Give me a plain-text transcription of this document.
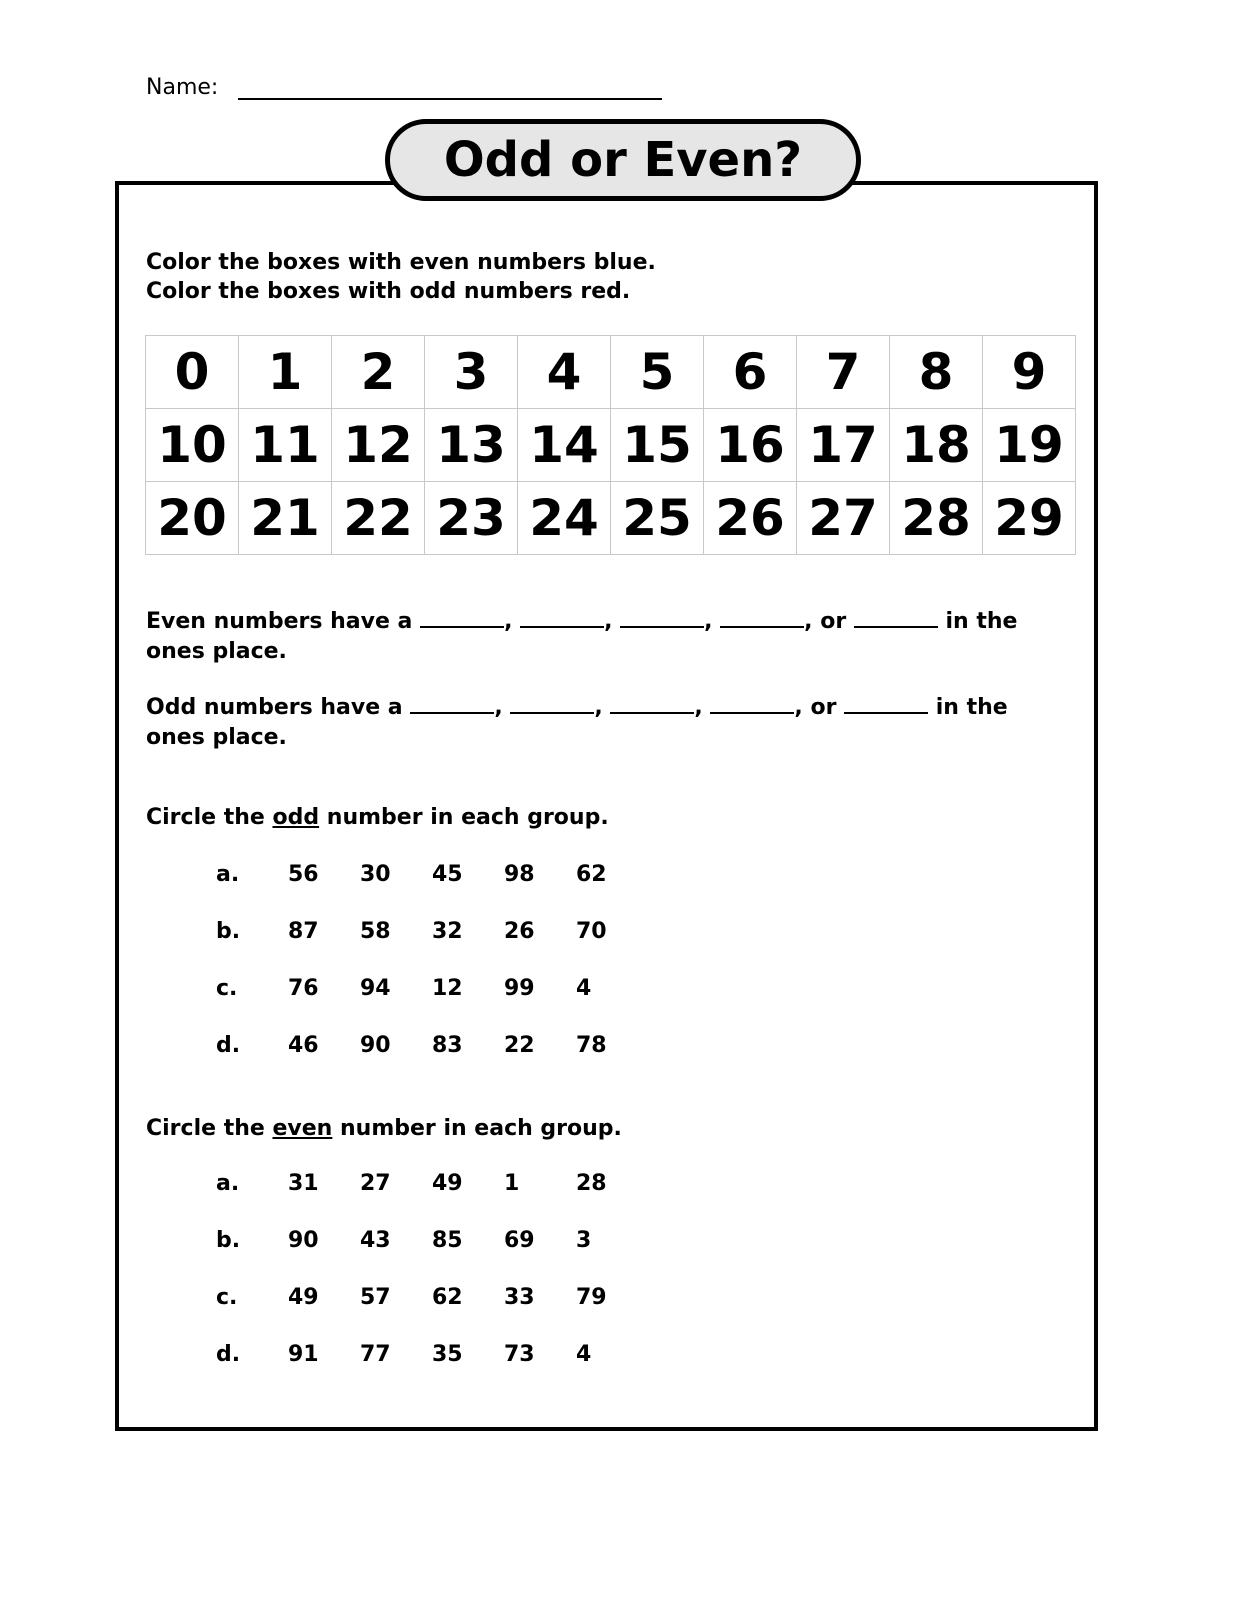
Name:
Odd or Even?
Color the boxes with even numbers blue.
Color the boxes with odd numbers red.
0	1	2	3	4	5	6	7	8	9
10	11	12	13	14	15	16	17	18	19
20	21	22	23	24	25	26	27	28	29
Even numbers have a	,	,	,	, or	in the
ones place.
Odd numbers have a	,	,	,	, or	in the
ones place.
Circle the odd number in each group.
a.	56	30	45	98	62
b.	87	58	32	26	70
c.	76	94	12	99	4
d.	46	90	83	22	78
Circle the even number in each group.
a.	31	27	49	1	28
b.	90	43	85	69	3
c.	49	57	62	33	79
d.	91	77	35	73	4
